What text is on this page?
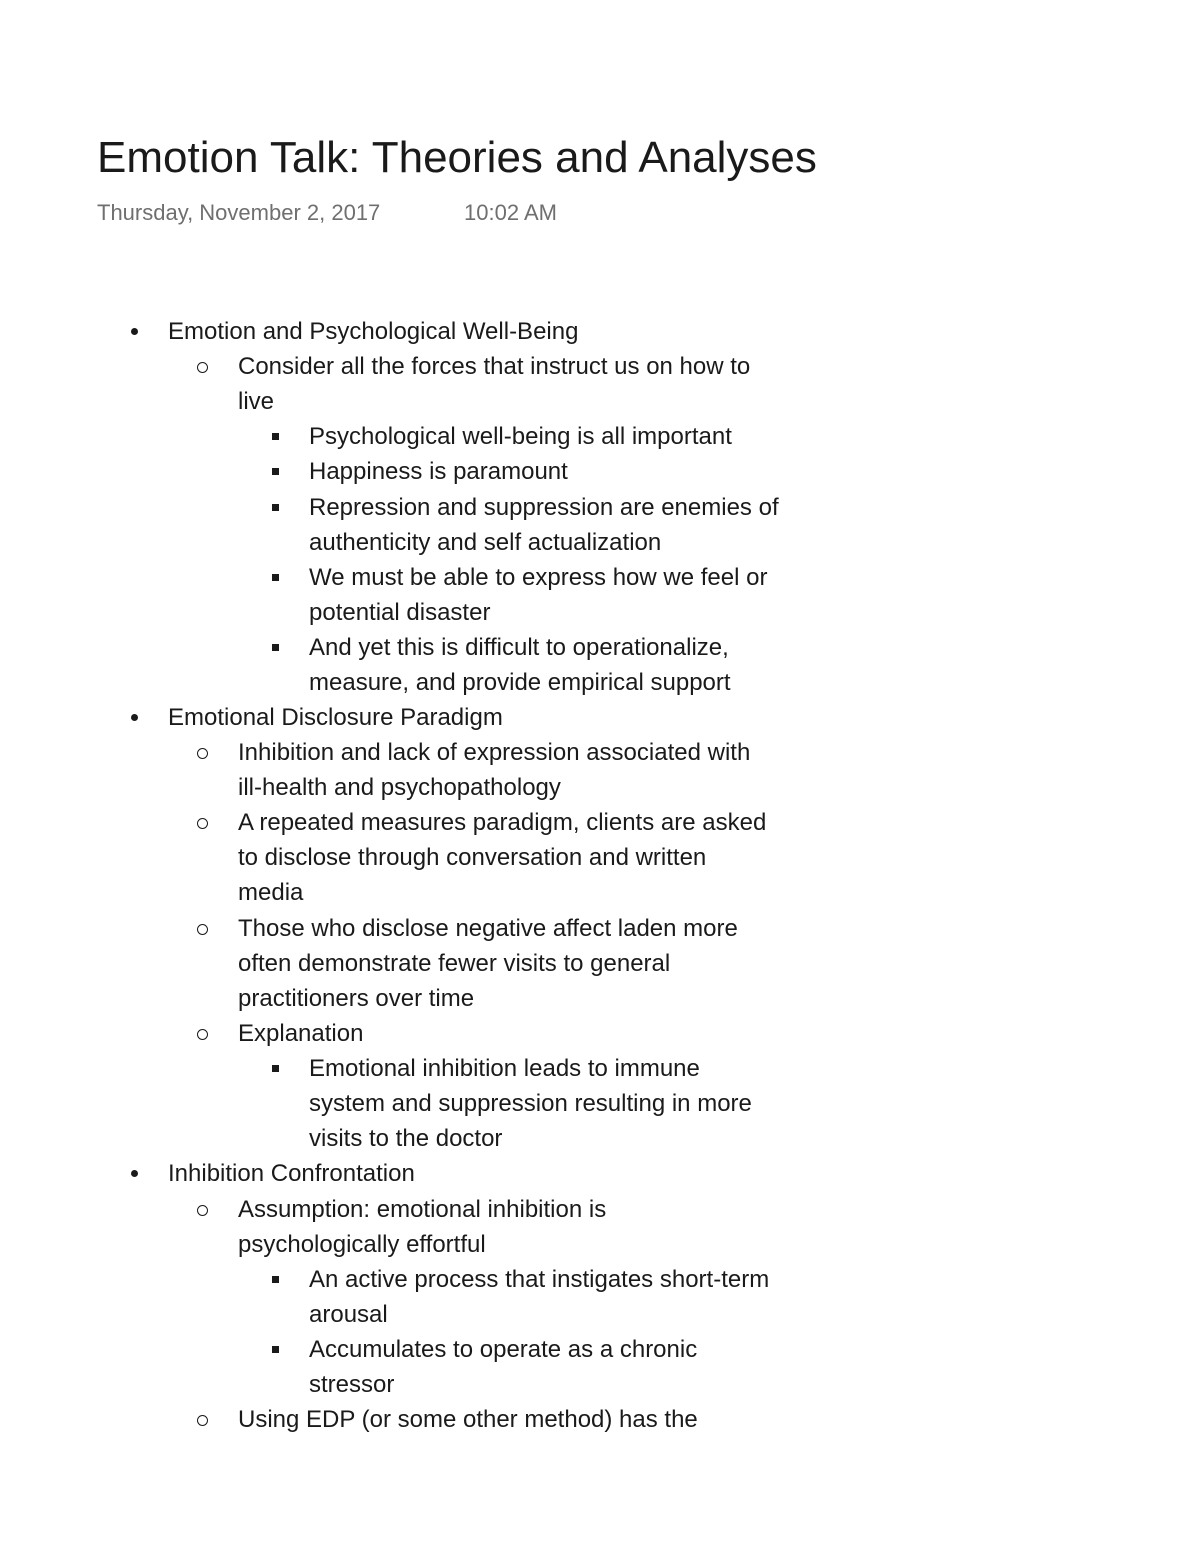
Emotion Talk: Theories and Analyses
Thursday, November 2, 2017	10:02 AM
Emotion and Psychological Well-Being
Consider all the forces that instruct us on how to
live
Psychological well-being is all important
Happiness is paramount
Repression and suppression are enemies of
authenticity and self actualization
We must be able to express how we feel or
potential disaster
And yet this is difficult to operationalize,
measure, and provide empirical support
Emotional Disclosure Paradigm
Inhibition and lack of expression associated with
ill-health and psychopathology
A repeated measures paradigm, clients are asked
to disclose through conversation and written
media
Those who disclose negative affect laden more
often demonstrate fewer visits to general
practitioners over time
Explanation
Emotional inhibition leads to immune
system and suppression resulting in more
visits to the doctor
Inhibition Confrontation
Assumption: emotional inhibition is
psychologically effortful
An active process that instigates short-term
arousal
Accumulates to operate as a chronic
stressor
Using EDP (or some other method) has the
